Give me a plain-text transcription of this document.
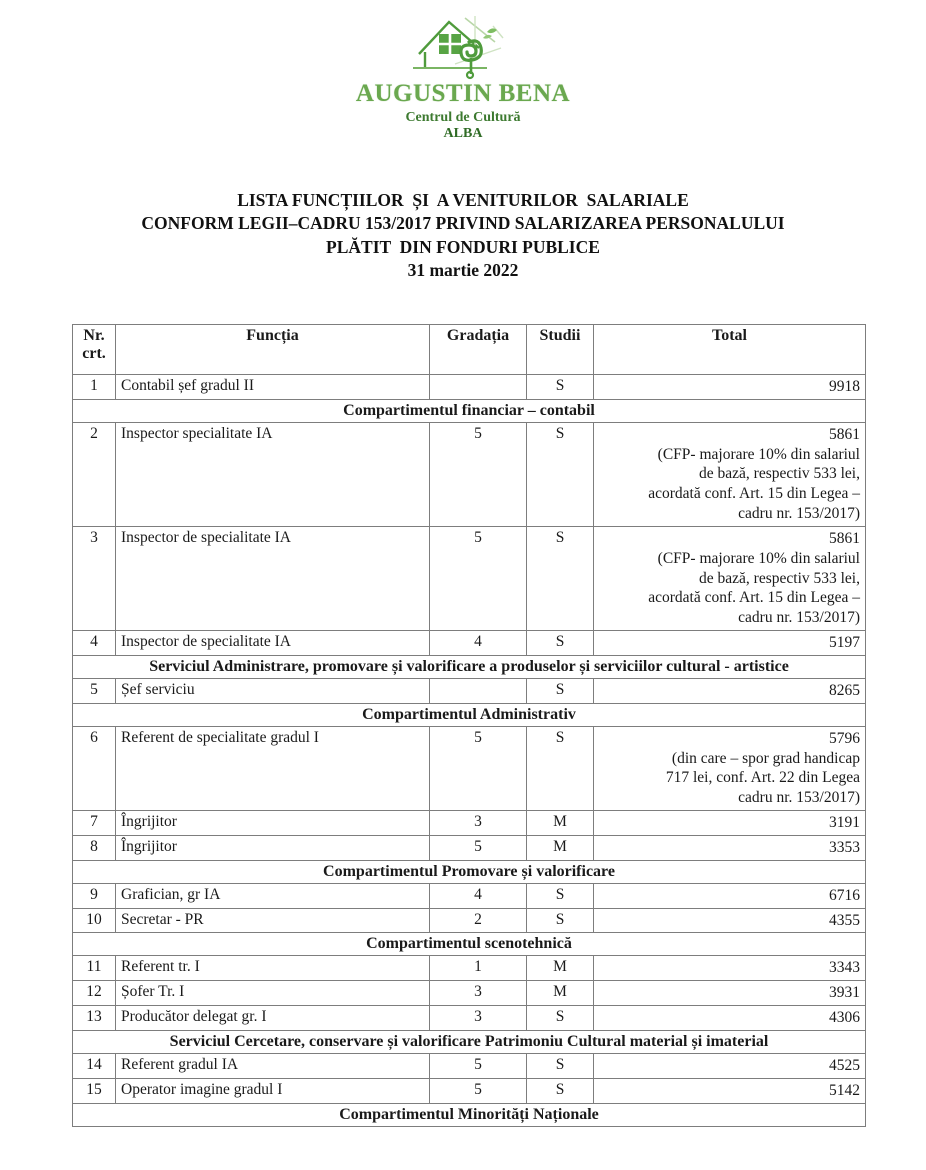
AUGUSTIN BENA
Centrul de Cultură
ALBA
LISTA FUNCȚIILOR  ȘI  A VENITURILOR  SALARIALE
CONFORM LEGII–CADRU 153/2017 PRIVIND SALARIZAREA PERSONALULUI
PLĂTIT  DIN FONDURI PUBLICE
31 martie 2022
Nr.
crt.	Funcția	Gradația	Studii	Total
1	Contabil șef gradul II		S	9918

Compartimentul financiar – contabil				
2	Inspector specialitate IA	5	S	5861
(CFP- majorare 10% din salariul
de bază, respectiv 533 lei,
acordată conf. Art. 15 din Legea –
cadru nr. 153/2017)

3	Inspector de specialitate IA	5	S	5861
(CFP- majorare 10% din salariul
de bază, respectiv 533 lei,
acordată conf. Art. 15 din Legea –
cadru nr. 153/2017)

4	Inspector de specialitate IA	4	S	5197

Serviciul Administrare, promovare și valorificare a produselor și serviciilor cultural - artistice				
5	Șef serviciu		S	8265

Compartimentul Administrativ				
6	Referent de specialitate gradul I	5	S	5796
(din care – spor grad handicap
717 lei, conf. Art. 22 din Legea
cadru nr. 153/2017)

7	Îngrijitor	3	M	3191

8	Îngrijitor	5	M	3353

Compartimentul Promovare și valorificare				
9	Grafician, gr IA	4	S	6716

10	Secretar - PR	2	S	4355

Compartimentul scenotehnică				
11	Referent tr. I	1	M	3343

12	Șofer Tr. I	3	M	3931

13	Producător delegat gr. I	3	S	4306

Serviciul Cercetare, conservare și valorificare Patrimoniu Cultural material și imaterial				
14	Referent gradul IA	5	S	4525

15	Operator imagine gradul I	5	S	5142

Compartimentul Minorități Naționale				
